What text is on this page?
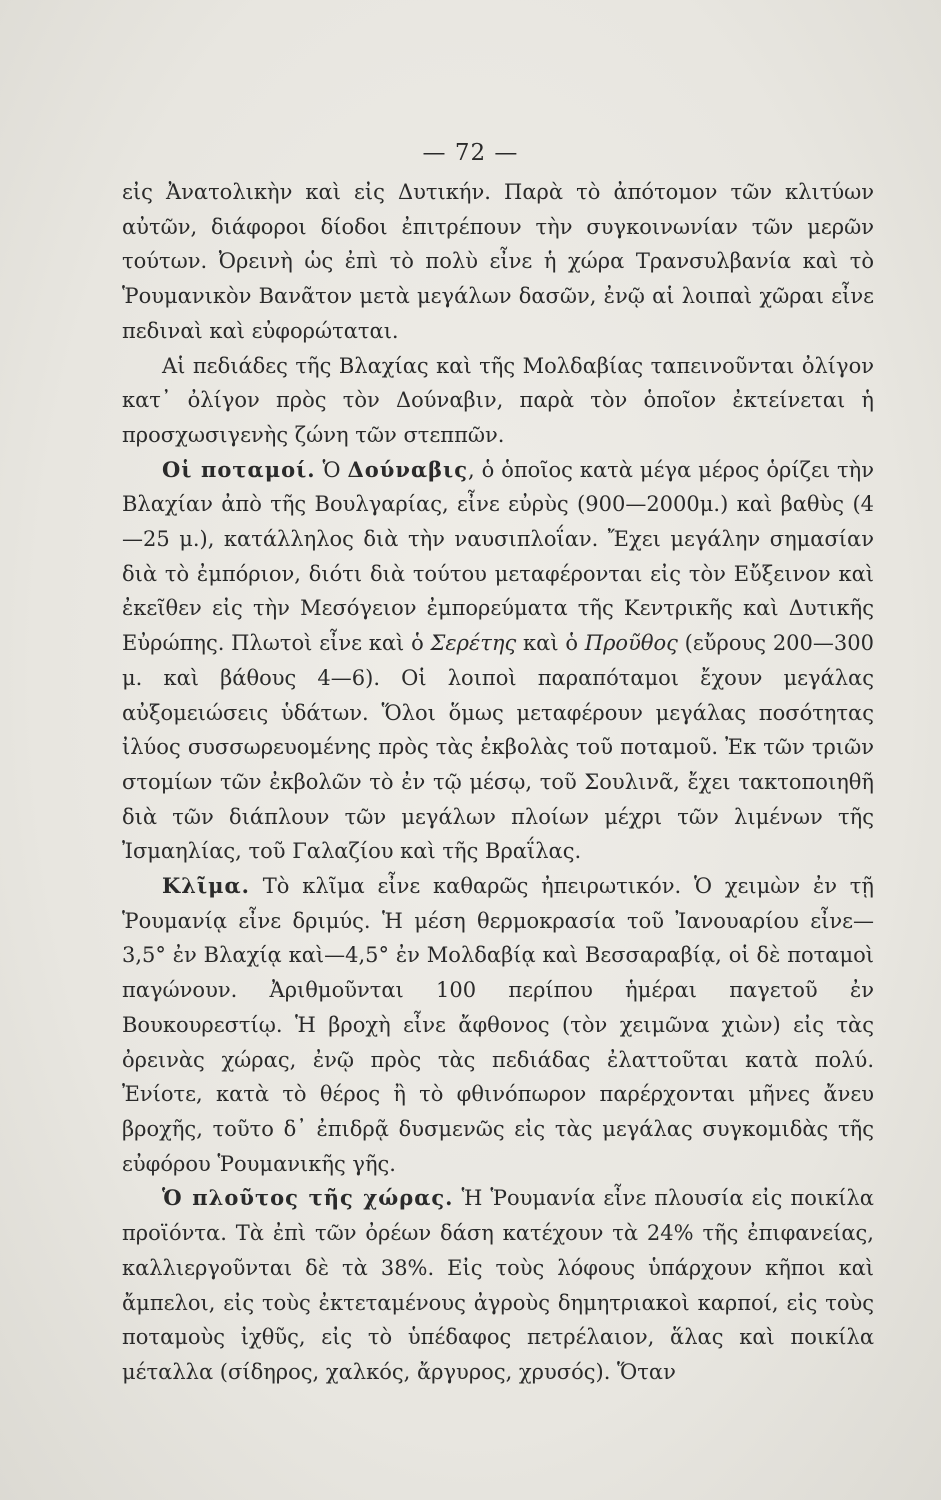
— 72 —

εἰς Ἀνατολικὴν καὶ εἰς Δυτικήν. Παρὰ τὸ ἀπότομον τῶν κλιτύων αὐτῶν, διάφοροι δίοδοι ἐπιτρέπουν τὴν συγκοινωνίαν τῶν μερῶν τούτων. Ὀρεινὴ ὡς ἐπὶ τὸ πολὺ εἶνε ἡ χώρα Τρανσυλβανία καὶ τὸ Ῥουμανικὸν Βανᾶτον μετὰ μεγάλων δασῶν, ἐνῷ αἱ λοιπαὶ χῶραι εἶνε πεδιναὶ καὶ εὐφορώταται.

Αἱ πεδιάδες τῆς Βλαχίας καὶ τῆς Μολδαβίας ταπεινοῦνται ὀλίγον κατ᾽ ὀλίγον πρὸς τὸν Δούναβιν, παρὰ τὸν ὁποῖον ἐκτείνεται ἡ προσχωσιγενὴς ζώνη τῶν στεππῶν.

Οἱ ποταμοί. Ὁ Δούναβις, ὁ ὁποῖος κατὰ μέγα μέρος ὁρίζει τὴν Βλαχίαν ἀπὸ τῆς Βουλγαρίας, εἶνε εὐρὺς (900—2000μ.) καὶ βαθὺς (4—25 μ.), κατάλληλος διὰ τὴν ναυσιπλοΐαν. Ἔχει μεγάλην σημασίαν διὰ τὸ ἐμπόριον, διότι διὰ τούτου μεταφέρονται εἰς τὸν Εὔξεινον καὶ ἐκεῖθεν εἰς τὴν Μεσόγειον ἐμπορεύματα τῆς Κεντρικῆς καὶ Δυτικῆς Εὐρώπης. Πλωτοὶ εἶνε καὶ ὁ Σερέτης καὶ ὁ Προῦθος (εὔρους 200—300 μ. καὶ βάθους 4—6). Οἱ λοιποὶ παραπόταμοι ἔχουν μεγάλας αὐξομειώσεις ὑδάτων. Ὅλοι ὅμως μεταφέρουν μεγάλας ποσότητας ἰλύος συσσωρευομένης πρὸς τὰς ἐκβολὰς τοῦ ποταμοῦ. Ἐκ τῶν τριῶν στομίων τῶν ἐκβολῶν τὸ ἐν τῷ μέσῳ, τοῦ Σουλινᾶ, ἔχει τακτοποιηθῆ διὰ τῶν διάπλουν τῶν μεγάλων πλοίων μέχρι τῶν λιμένων τῆς Ἰσμαηλίας, τοῦ Γαλαζίου καὶ τῆς Βραΐλας.

Κλῖμα. Τὸ κλῖμα εἶνε καθαρῶς ἠπειρωτικόν. Ὁ χειμὼν ἐν τῇ Ῥουμανίᾳ εἶνε δριμύς. Ἡ μέση θερμοκρασία τοῦ Ἰανουαρίου εἶνε—3,5° ἐν Βλαχίᾳ καὶ—4,5° ἐν Μολδαβίᾳ καὶ Βεσσαραβίᾳ, οἱ δὲ ποταμοὶ παγώνουν. Ἀριθμοῦνται 100 περίπου ἡμέραι παγετοῦ ἐν Βουκουρεστίῳ. Ἡ βροχὴ εἶνε ἄφθονος (τὸν χειμῶνα χιὼν) εἰς τὰς ὀρεινὰς χώρας, ἐνῷ πρὸς τὰς πεδιάδας ἐλαττοῦται κατὰ πολύ. Ἐνίοτε, κατὰ τὸ θέρος ἢ τὸ φθινόπωρον παρέρχονται μῆνες ἄνευ βροχῆς, τοῦτο δ᾽ ἐπιδρᾷ δυσμενῶς εἰς τὰς μεγάλας συγκομιδὰς τῆς εὐφόρου Ῥουμανικῆς γῆς.

Ὁ πλοῦτος τῆς χώρας. Ἡ Ῥουμανία εἶνε πλουσία εἰς ποικίλα προϊόντα. Τὰ ἐπὶ τῶν ὀρέων δάση κατέχουν τὰ 24% τῆς ἐπιφανείας, καλλιεργοῦνται δὲ τὰ 38%. Εἰς τοὺς λόφους ὑπάρχουν κῆποι καὶ ἄμπελοι, εἰς τοὺς ἐκτεταμένους ἀγροὺς δημητριακοὶ καρποί, εἰς τοὺς ποταμοὺς ἰχθῦς, εἰς τὸ ὑπέδαφος πετρέλαιον, ἅλας καὶ ποικίλα μέταλλα (σίδηρος, χαλκός, ἄργυρος, χρυσός). Ὅταν
